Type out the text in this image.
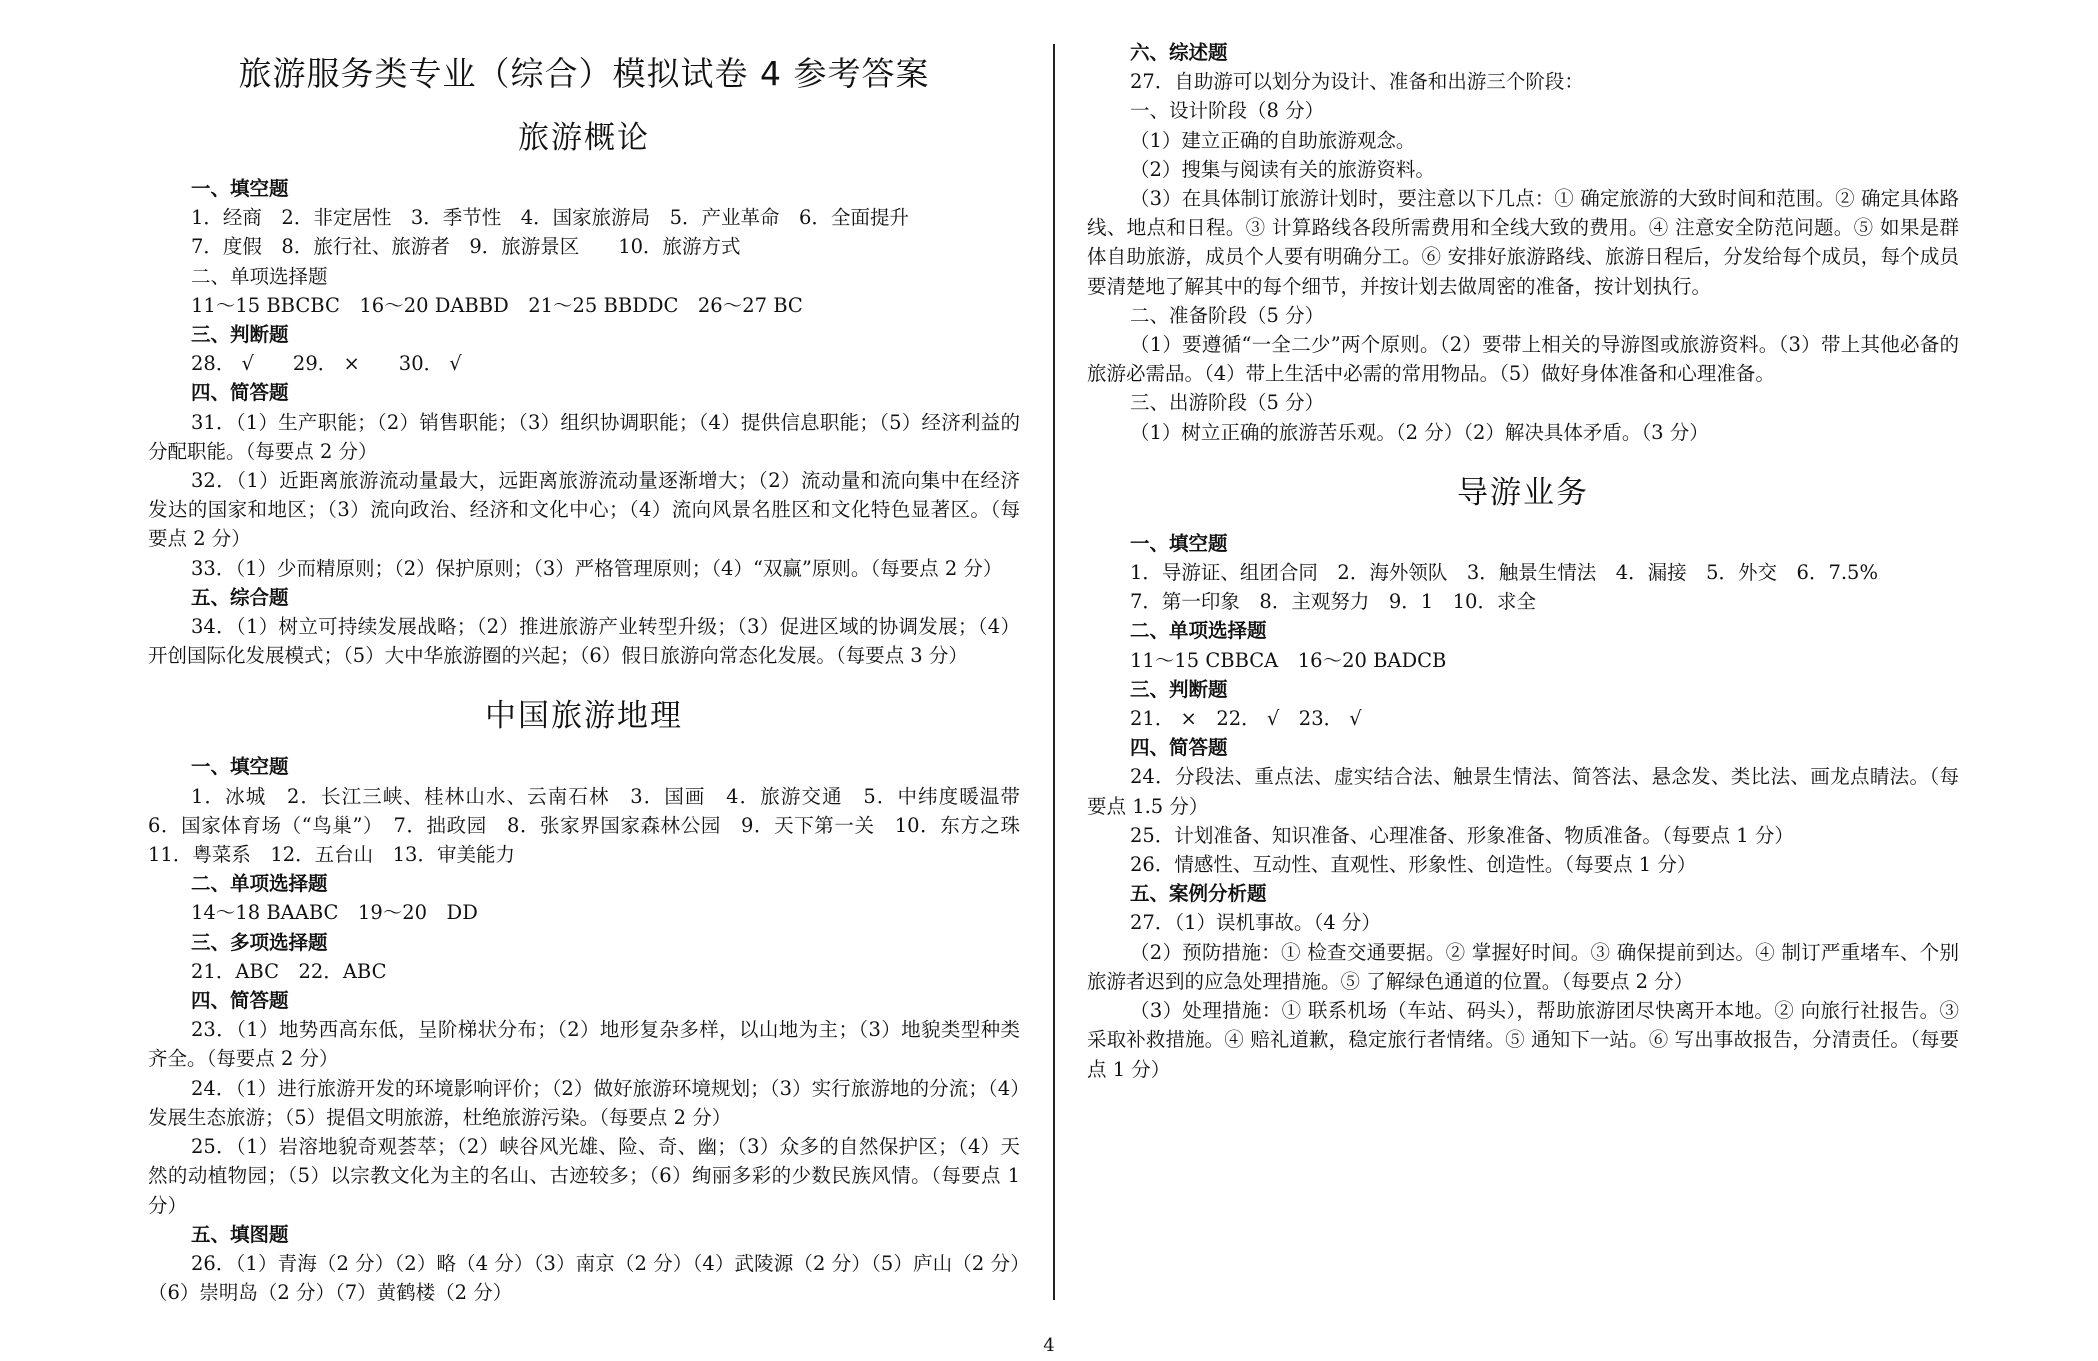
旅游服务类专业（综合）模拟试卷 4 参考答案
旅游概论
一、填空题
1．经商　2．非定居性　3．季节性　4．国家旅游局　5．产业革命　6．全面提升
7．度假　8．旅行社、旅游者　9．旅游景区　　10．旅游方式
二、单项选择题
11～15 BBCBC　16～20 DABBD　21～25 BBDDC　26～27 BC
三、判断题
28． √　　29． ×　　30． √
四、简答题
31．（1）生产职能；（2）销售职能；（3）组织协调职能；（4）提供信息职能；（5）经济利益的分配职能。（每要点 2 分）
32．（1）近距离旅游流动量最大，远距离旅游流动量逐渐增大；（2）流动量和流向集中在经济发达的国家和地区；（3）流向政治、经济和文化中心；（4）流向风景名胜区和文化特色显著区。（每要点 2 分）
33．（1）少而精原则；（2）保护原则；（3）严格管理原则；（4）“双赢”原则。（每要点 2 分）
五、综合题
34．（1）树立可持续发展战略；（2）推进旅游产业转型升级；（3）促进区域的协调发展；（4）开创国际化发展模式；（5）大中华旅游圈的兴起；（6）假日旅游向常态化发展。（每要点 3 分）
中国旅游地理
一、填空题
1．冰城　2．长江三峡、桂林山水、云南石林　3．国画　4．旅游交通　5．中纬度暖温带　6．国家体育场（“鸟巢”）　7．拙政园　8．张家界国家森林公园　9．天下第一关　10．东方之珠　11．粤菜系　12．五台山　13．审美能力
二、单项选择题
14～18 BAABC　19～20　DD
三、多项选择题
21．ABC　22．ABC
四、简答题
23．（1）地势西高东低，呈阶梯状分布；（2）地形复杂多样，以山地为主；（3）地貌类型种类齐全。（每要点 2 分）
24．（1）进行旅游开发的环境影响评价；（2）做好旅游环境规划；（3）实行旅游地的分流；（4）发展生态旅游；（5）提倡文明旅游，杜绝旅游污染。（每要点 2 分）
25．（1）岩溶地貌奇观荟萃；（2）峡谷风光雄、险、奇、幽；（3）众多的自然保护区；（4）天然的动植物园；（5）以宗教文化为主的名山、古迹较多；（6）绚丽多彩的少数民族风情。（每要点 1 分）
五、填图题
26．（1）青海（2 分）（2）略（4 分）（3）南京（2 分）（4）武陵源（2 分）（5）庐山（2 分）（6）崇明岛（2 分）（7）黄鹤楼（2 分）
六、综述题
27．自助游可以划分为设计、准备和出游三个阶段：
一、设计阶段（8 分）
（1）建立正确的自助旅游观念。
（2）搜集与阅读有关的旅游资料。
（3）在具体制订旅游计划时，要注意以下几点：① 确定旅游的大致时间和范围。② 确定具体路线、地点和日程。③ 计算路线各段所需费用和全线大致的费用。④ 注意安全防范问题。⑤ 如果是群体自助旅游，成员个人要有明确分工。⑥ 安排好旅游路线、旅游日程后，分发给每个成员，每个成员要清楚地了解其中的每个细节，并按计划去做周密的准备，按计划执行。
二、准备阶段（5 分）
（1）要遵循“一全二少”两个原则。（2）要带上相关的导游图或旅游资料。（3）带上其他必备的旅游必需品。（4）带上生活中必需的常用物品。（5）做好身体准备和心理准备。
三、出游阶段（5 分）
（1）树立正确的旅游苦乐观。（2 分）（2）解决具体矛盾。（3 分）
导游业务
一、填空题
1．导游证、组团合同　2．海外领队　3．触景生情法　4．漏接　5．外交　6．7.5%
7．第一印象　8．主观努力　9．1　10．求全
二、单项选择题
11～15 CBBCA　16～20 BADCB
三、判断题
21． ×　22． √　23． √
四、简答题
24．分段法、重点法、虚实结合法、触景生情法、简答法、悬念发、类比法、画龙点睛法。（每要点 1.5 分）
25．计划准备、知识准备、心理准备、形象准备、物质准备。（每要点 1 分）
26．情感性、互动性、直观性、形象性、创造性。（每要点 1 分）
五、案例分析题
27．（1）误机事故。（4 分）
（2）预防措施：① 检查交通要据。② 掌握好时间。③ 确保提前到达。④ 制订严重堵车、个别旅游者迟到的应急处理措施。⑤ 了解绿色通道的位置。（每要点 2 分）
（3）处理措施：① 联系机场（车站、码头），帮助旅游团尽快离开本地。② 向旅行社报告。③ 采取补救措施。④ 赔礼道歉，稳定旅行者情绪。⑤ 通知下一站。⑥ 写出事故报告，分清责任。（每要点 1 分）
4
